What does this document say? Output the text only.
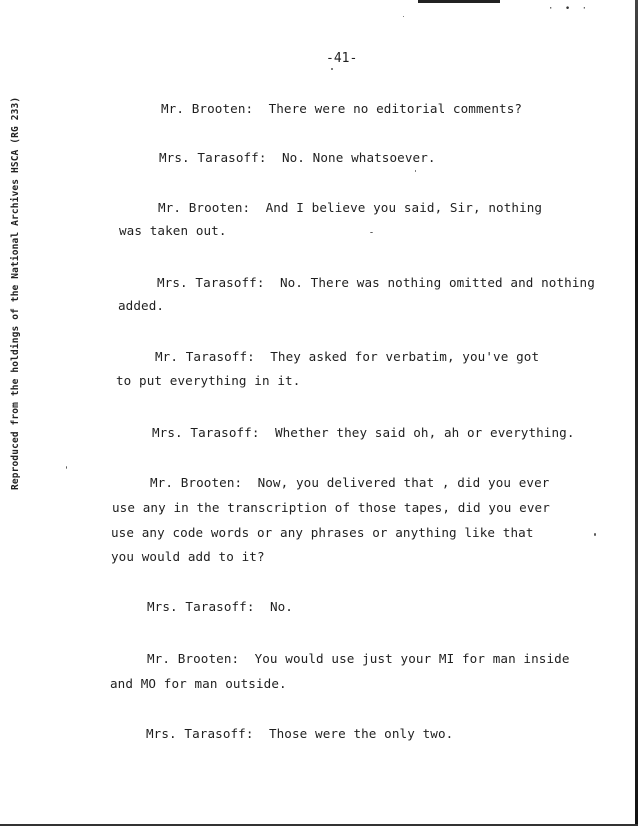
· • ·
Reproduced from the holdings of the National Archives HSCA (RG 233)
-41-
Mr. Brooten: There were no editorial comments?
Mrs. Tarasoff: No. None whatsoever.
Mr. Brooten: And I believe you said, Sir, nothing
was taken out.
Mrs. Tarasoff: No. There was nothing omitted and nothing
added.
Mr. Tarasoff: They asked for verbatim, you've got
to put everything in it.
Mrs. Tarasoff: Whether they said oh, ah or everything.
Mr. Brooten: Now, you delivered that , did you ever
use any in the transcription of those tapes, did you ever
use any code words or any phrases or anything like that
you would add to it?
Mrs. Tarasoff: No.
Mr. Brooten: You would use just your MI for man inside
and MO for man outside.
Mrs. Tarasoff: Those were the only two.
